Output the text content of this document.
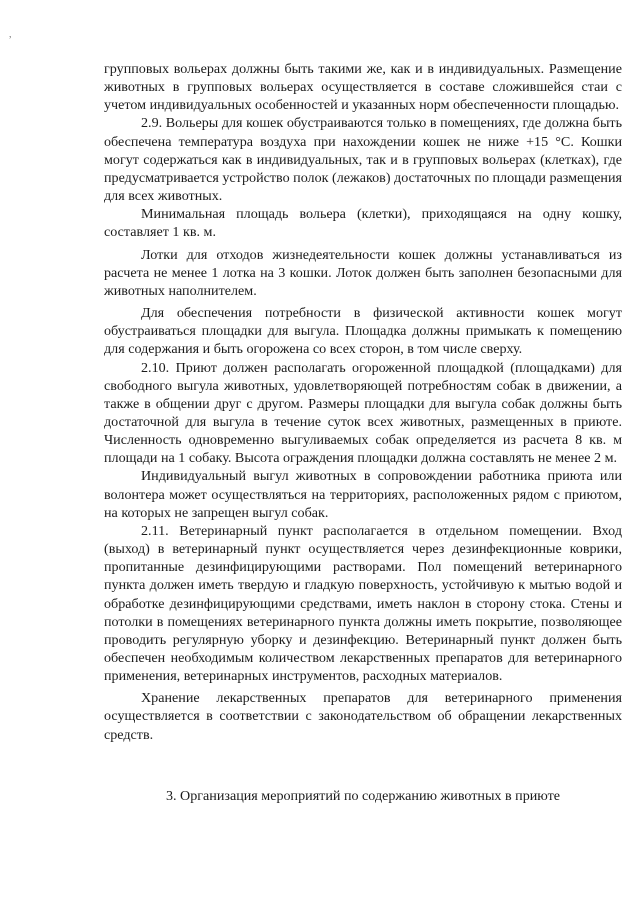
,

групповых вольерах должны быть такими же, как и в индивидуальных. Размещение животных в групповых вольерах осуществляется в составе сложившейся стаи с учетом индивидуальных особенностей и указанных норм обеспеченности площадью.

2.9. Вольеры для кошек обустраиваются только в помещениях, где должна быть обеспечена температура воздуха при нахождении кошек не ниже +15 °С. Кошки могут содержаться как в индивидуальных, так и в групповых вольерах (клетках), где предусматривается устройство полок (лежаков) достаточных по площади размещения для всех животных.

Минимальная площадь вольера (клетки), приходящаяся на одну кошку, составляет 1 кв. м.

Лотки для отходов жизнедеятельности кошек должны устанавливаться из расчета не менее 1 лотка на 3 кошки. Лоток должен быть заполнен безопасными для животных наполнителем.

Для обеспечения потребности в физической активности кошек могут обустраиваться площадки для выгула. Площадка должны примыкать к помещению для содержания и быть огорожена со всех сторон, в том числе сверху.

2.10. Приют должен располагать огороженной площадкой (площадками) для свободного выгула животных, удовлетворяющей потребностям собак в движении, а также в общении друг с другом. Размеры площадки для выгула собак должны быть достаточной для выгула в течение суток всех животных, размещенных в приюте. Численность одновременно выгуливаемых собак определяется из расчета 8 кв. м площади на 1 собаку. Высота ограждения площадки должна составлять не менее 2 м.

Индивидуальный выгул животных в сопровождении работника приюта или волонтера может осуществляться на территориях, расположенных рядом с приютом, на которых не запрещен выгул собак.

2.11. Ветеринарный пункт располагается в отдельном помещении. Вход (выход) в ветеринарный пункт осуществляется через дезинфекционные коврики, пропитанные дезинфицирующими растворами. Пол помещений ветеринарного пункта должен иметь твердую и гладкую поверхность, устойчивую к мытью водой и обработке дезинфицирующими средствами, иметь наклон в сторону стока. Стены и потолки в помещениях ветеринарного пункта должны иметь покрытие, позволяющее проводить регулярную уборку и дезинфекцию. Ветеринарный пункт должен быть обеспечен необходимым количеством лекарственных препаратов для ветеринарного применения, ветеринарных инструментов, расходных материалов.

Хранение лекарственных препаратов для ветеринарного применения осуществляется в соответствии с законодательством об обращении лекарственных средств.

3. Организация мероприятий по содержанию животных в приюте
